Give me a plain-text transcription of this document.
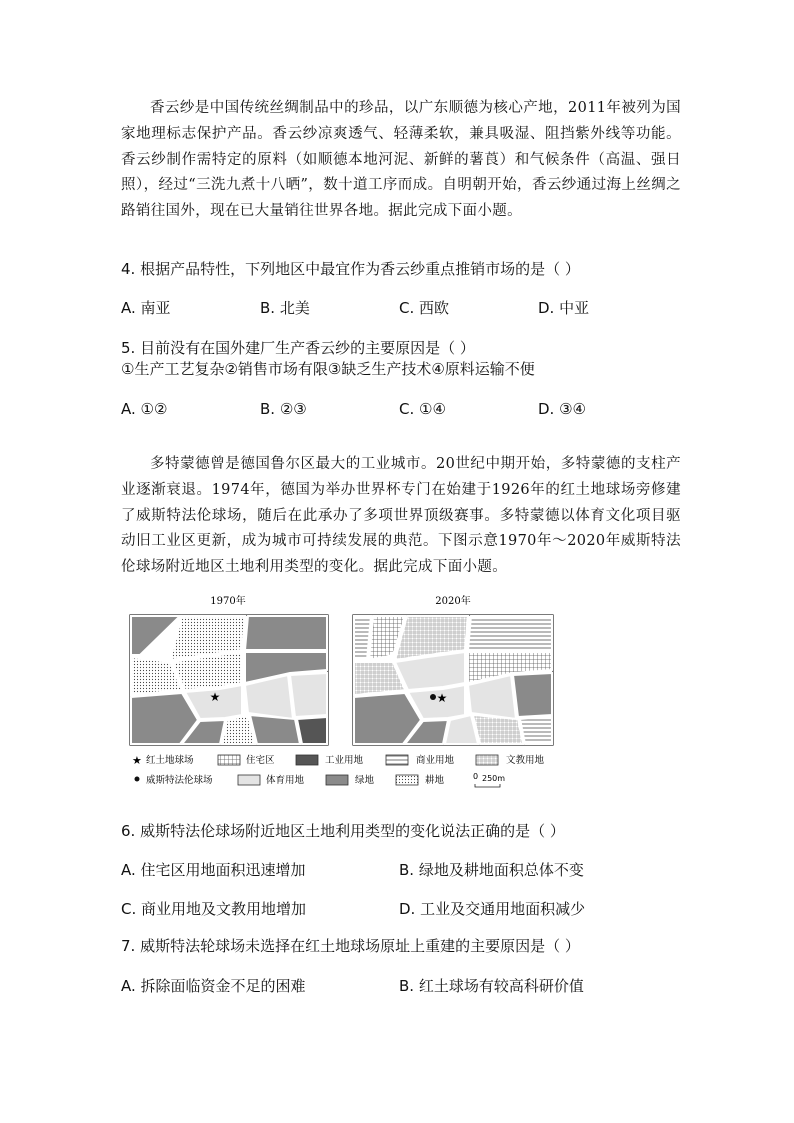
香云纱是中国传统丝绸制品中的珍品，以广东顺德为核心产地，2011年被列为国家地理标志保护产品。香云纱凉爽透气、轻薄柔软，兼具吸湿、阻挡紫外线等功能。香云纱制作需特定的原料（如顺德本地河泥、新鲜的薯莨）和气候条件（高温、强日照），经过“三洗九煮十八晒”，数十道工序而成。自明朝开始，香云纱通过海上丝绸之路销往国外，现在已大量销往世界各地。据此完成下面小题。
4. 根据产品特性，下列地区中最宜作为香云纱重点推销市场的是（ ）
A. 南亚	B. 北美	C. 西欧	D. 中亚
5. 目前没有在国外建厂生产香云纱的主要原因是（ ）
①生产工艺复杂②销售市场有限③缺乏生产技术④原料运输不便
A. ①②	B. ②③	C. ①④	D. ③④
多特蒙德曾是德国鲁尔区最大的工业城市。20世纪中期开始，多特蒙德的支柱产业逐渐衰退。1974年，德国为举办世界杯专门在始建于1926年的红土地球场旁修建了威斯特法伦球场，随后在此承办了多项世界顶级赛事。多特蒙德以体育文化项目驱动旧工业区更新，成为城市可持续发展的典范。下图示意1970年～2020年威斯特法伦球场附近地区土地利用类型的变化。据此完成下面小题。
1970年	2020年
★	★
★ 红土地球场	住宅区	工业用地	商业用地	文教用地
威斯特法伦球场	体育用地	绿地	耕地	0 250m
6. 威斯特法伦球场附近地区土地利用类型的变化说法正确的是（ ）
A. 住宅区用地面积迅速增加	B. 绿地及耕地面积总体不变
C. 商业用地及文教用地增加	D. 工业及交通用地面积减少
7. 威斯特法轮球场未选择在红土地球场原址上重建的主要原因是（ ）
A. 拆除面临资金不足的困难	B. 红土球场有较高科研价值
